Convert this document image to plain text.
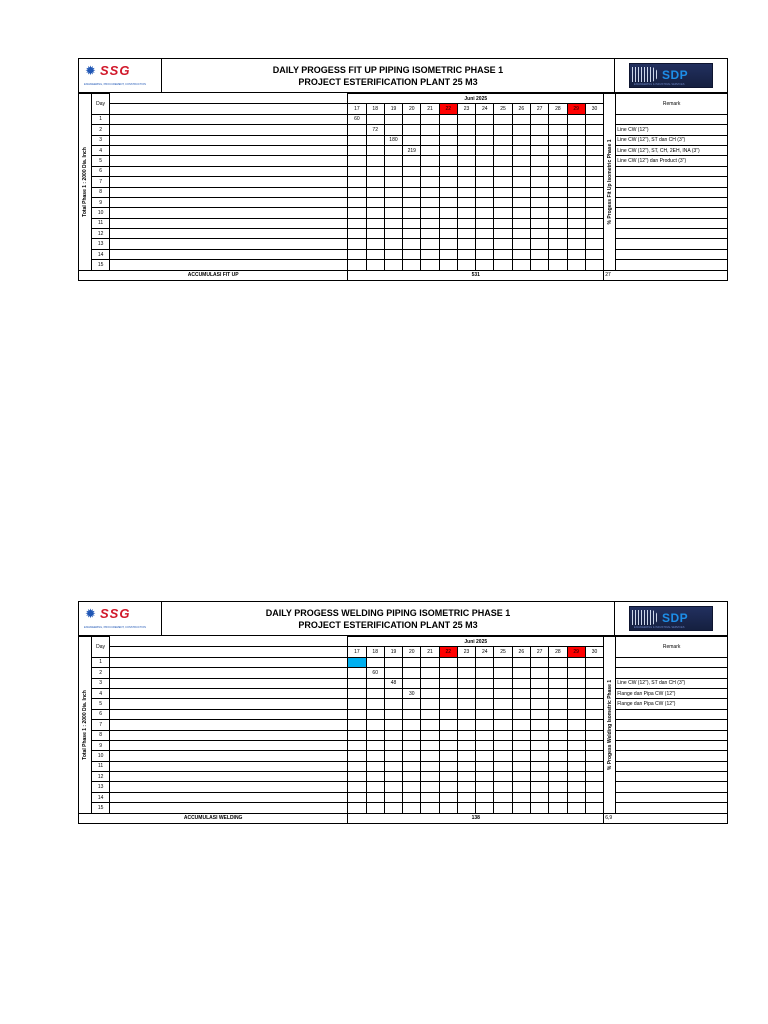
✹ SSG
ENGINEERING, PROCUREMENT, CONSTRUCTION
DAILY PROGESS FIT UP PIPING ISOMETRIC PHASE 1
PROJECT ESTERIFICATION PLANT 25 M3	SDP
ENGINEERING & INDUSTRIAL SERVICES
Total Phase 1 : 2000 Dia. Inch	Day		Juni 2025														% Progess Fit Up Isometric Phase 1	Remark
			17	18	19	20	21	22	23	24	25	26	27	28	29	30		
	1		60															
	2			72														Line CW (12")
	3				180													Line CW (12"), ST dan CH (3")
	4					219												Line CW (12"), ST, CH, 2EH, INA (3")
	5																	Line CW (12") dan Product (3")
	6																	
	7																	
	8																	
	9																	
	10																	
	11																	
	12																	
	13																	
	14																	
	15																	
ACCUMULASI FIT UP			531														27	
✹ SSG
ENGINEERING, PROCUREMENT, CONSTRUCTION
DAILY PROGESS WELDING PIPING ISOMETRIC PHASE 1
PROJECT ESTERIFICATION PLANT 25 M3	SDP
ENGINEERING & INDUSTRIAL SERVICES
Total Phase 1 : 2000 Dia. Inch	Day		Juni 2025														% Progess Welding Isometric Phase 1	Remark
			17	18	19	20	21	22	23	24	25	26	27	28	29	30		
	1																	
	2			60														
	3				48													Line CW (12"), ST dan CH (3")
	4					30												Flange dan Pipa CW (12")
	5																	Flange dan Pipa CW (12")
	6																	
	7																	
	8																	
	9																	
	10																	
	11																	
	12																	
	13																	
	14																	
	15																	
ACCUMULASI WELDING			138														6,9	
